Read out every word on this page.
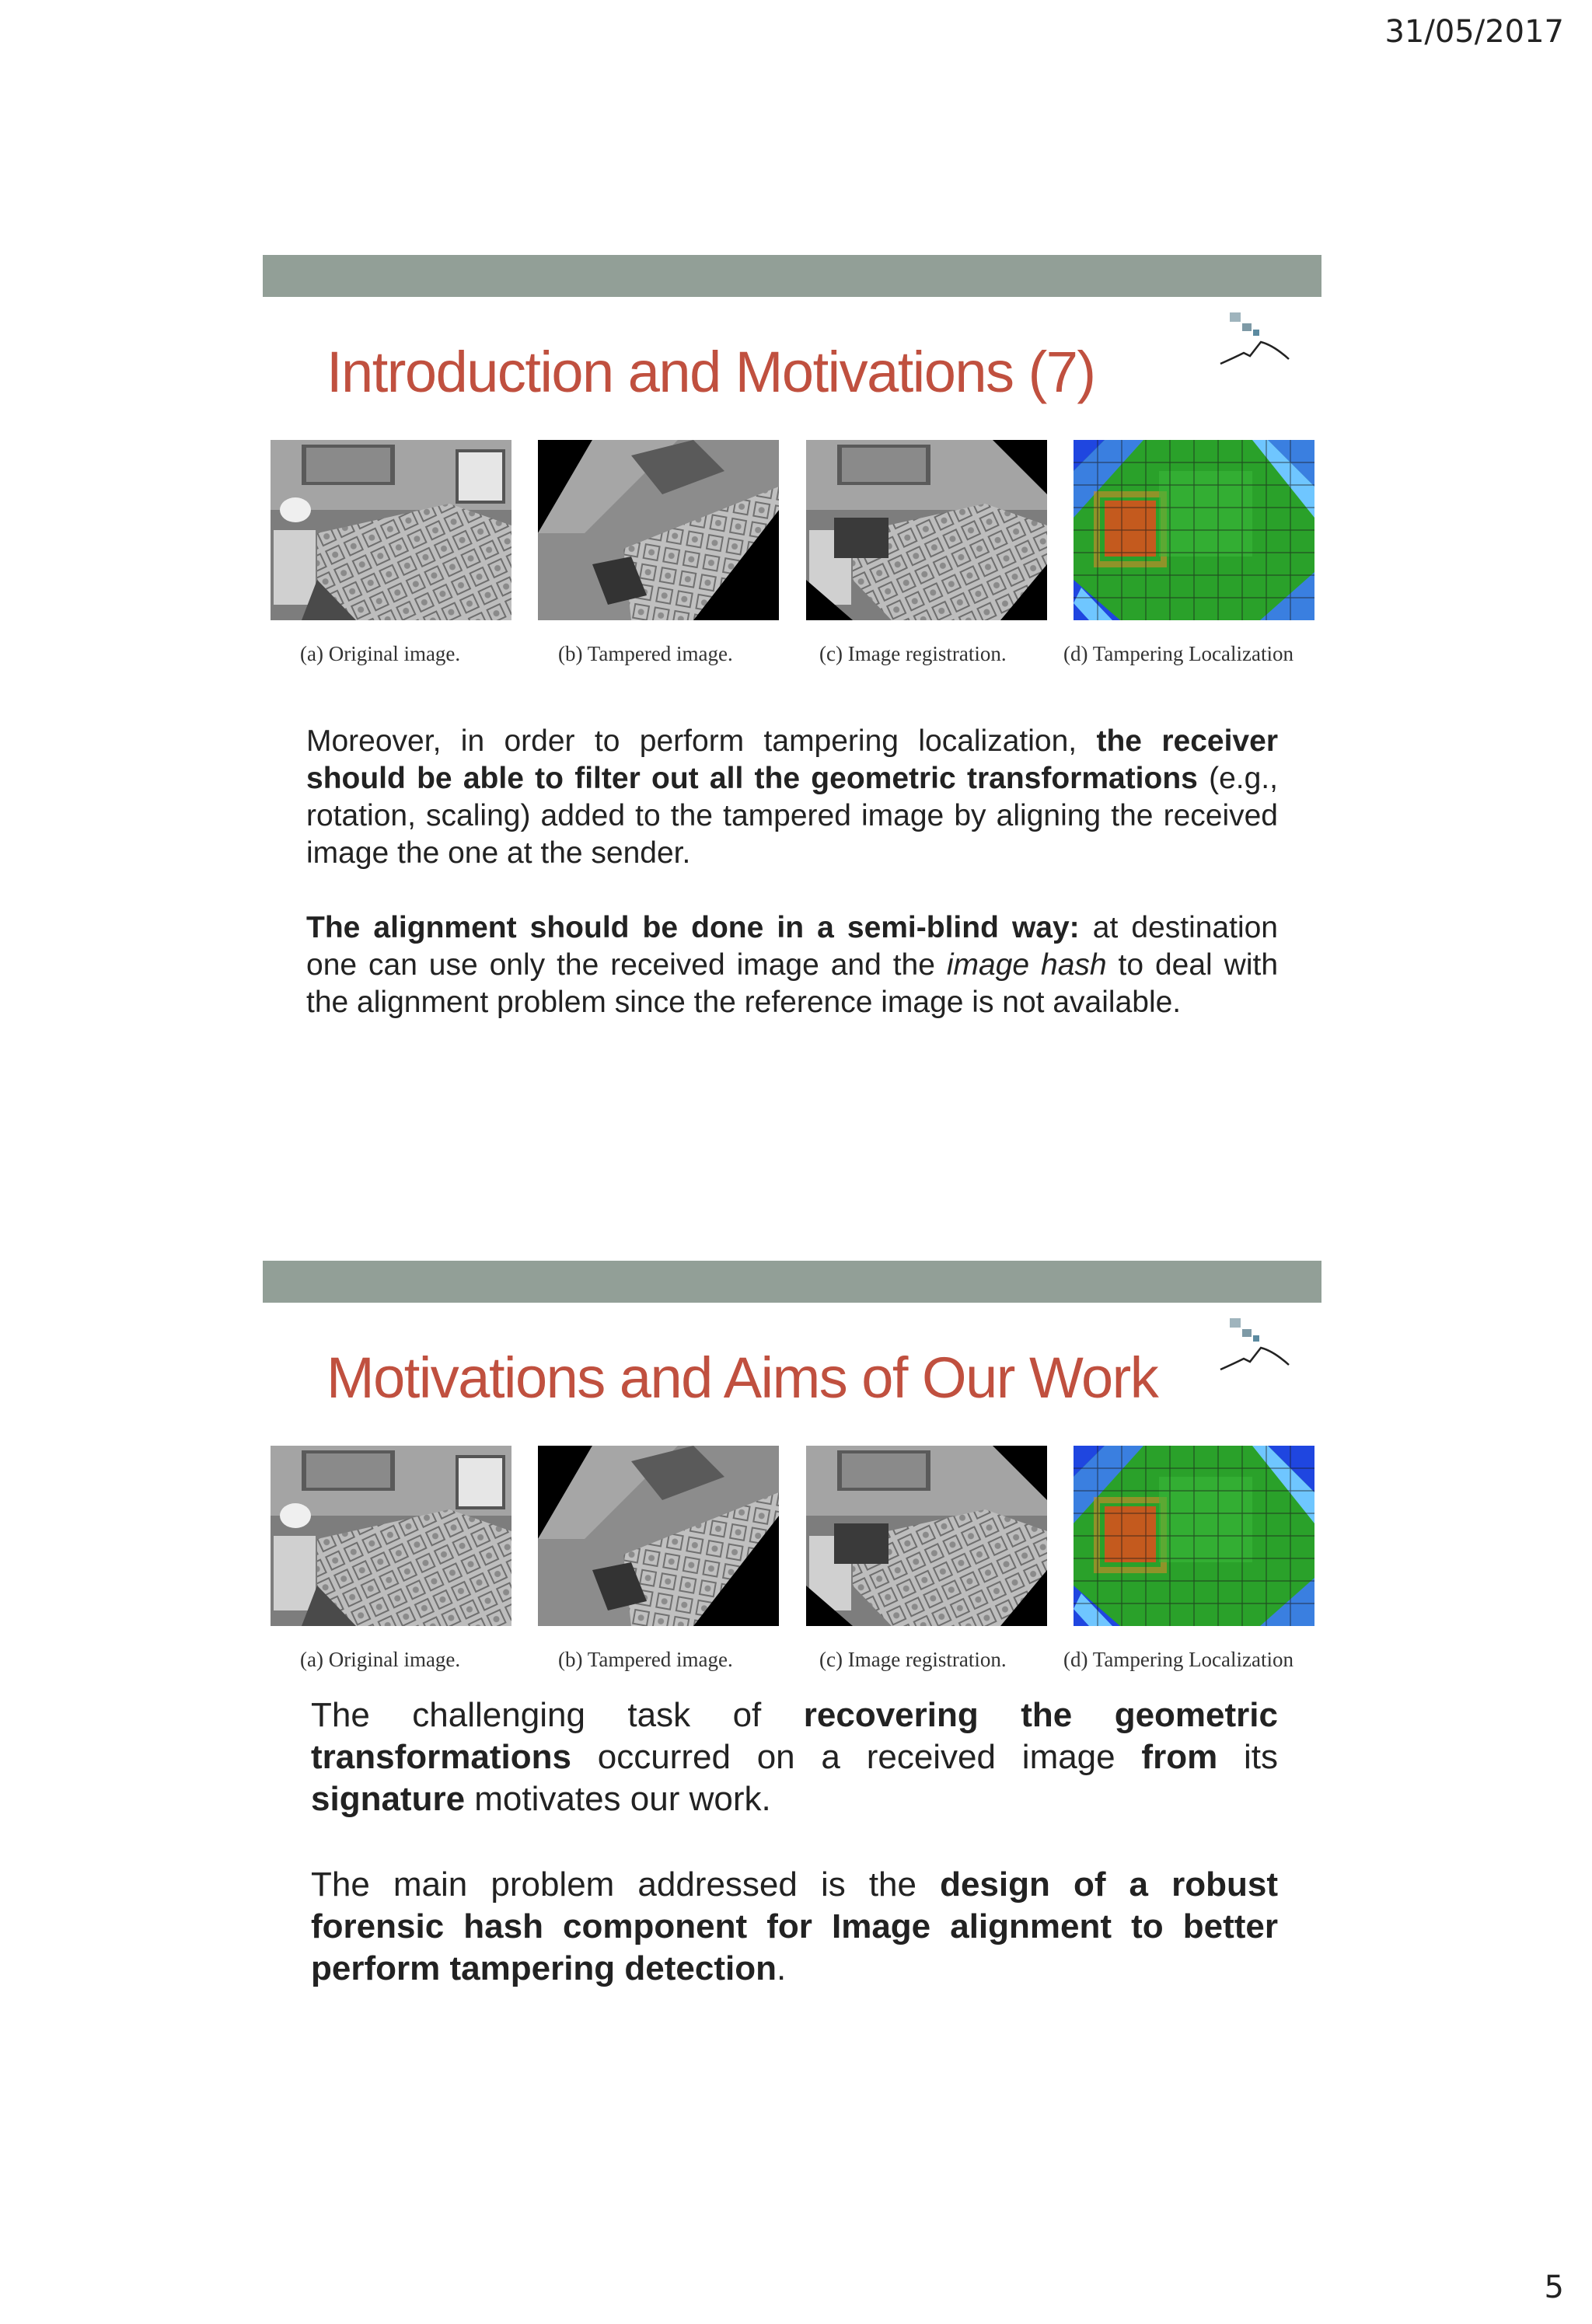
31/05/2017
Introduction and Motivations (7)
(a) Original image.	(b) Tampered image.	(c) Image registration.	(d) Tampering Localization

Moreover, in order to perform tampering localization, the receiver should be able to filter out all the geometric transformations (e.g., rotation, scaling) added to the tampered image by aligning the received image the one at the sender.

The alignment should be done in a semi-blind way: at destination one can use only the received image and the image hash to deal with the alignment problem since the reference image is not available.

Motivations and Aims of Our Work
(a) Original image.	(b) Tampered image.	(c) Image registration.	(d) Tampering Localization

The challenging task of recovering the geometric transformations occurred on a received image from its signature motivates our work.

The main problem addressed is the design of a robust forensic hash component for Image alignment to better perform tampering detection.

5
